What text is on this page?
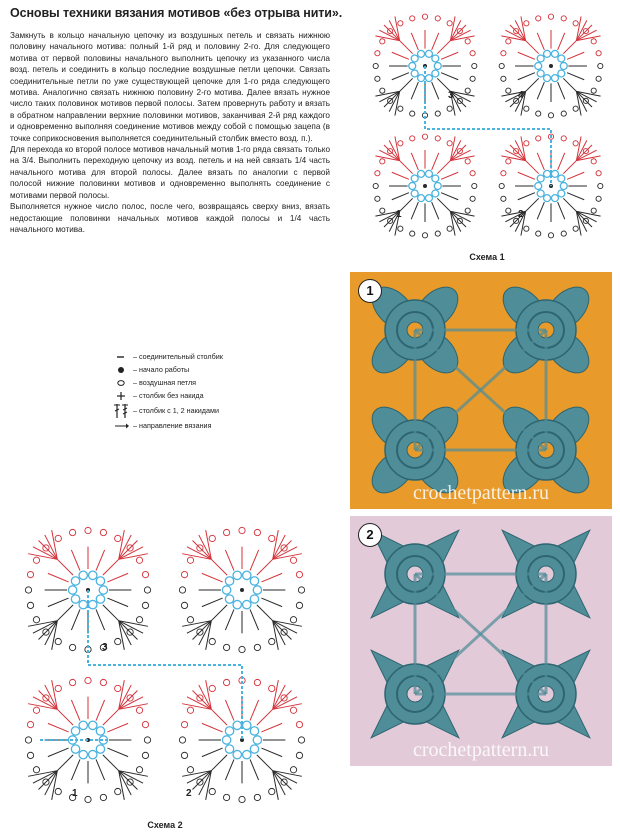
Основы техники вязания мотивов «без отрыва нити».

Замкнуть в кольцо начальную цепочку из воздушных петель и связать нижнюю половину начального мотива: полный 1-й ряд и половину 2-го. Для следующего мотива от первой половины начального выполнить цепочку из указанного числа возд. петель и соединить в кольцо последние воздушные петли цепочки. Связать соединительные петли по уже существующей цепочке для 1-го ряда следующего мотива. Аналогично связать нижнюю половину 2-го мотива. Далее вязать нужное число таких половинок мотивов первой полосы. Затем провернуть работу и вязать в обратном направлении верхние половинки мотивов, заканчивая 2-й ряд каждого и одновременно выполняя соединение мотивов между собой с помощью зацепа (в точке соприкосновения выполняется соединительный столбик вместо возд. п.).

Для перехода ко второй полосе мотивов начальный мотив 1-го ряда связать только на 3/4. Выполнить переходную цепочку из возд. петель и на ней связать 1/4 часть начального мотива для второй полосы. Далее вязать по аналогии с первой полосой нижние половинки мотивов и одновременно выполнять соединение с мотивами первой полосы.

Выполняется нужное число полос, после чего, возвращаясь сверху вниз, вязать недостающие половинки начальных мотивов каждой полосы и 1/4 часть начального мотива.

1	2
3	4
Схема 1
– соединительный столбик
– начало работы
– воздушная петля
– столбик без накида
– столбик с 1, 2 накидами
– направление вязания
1	2
3
Схема 2
1
crochetpattern.ru
2
crochetpattern.ru
